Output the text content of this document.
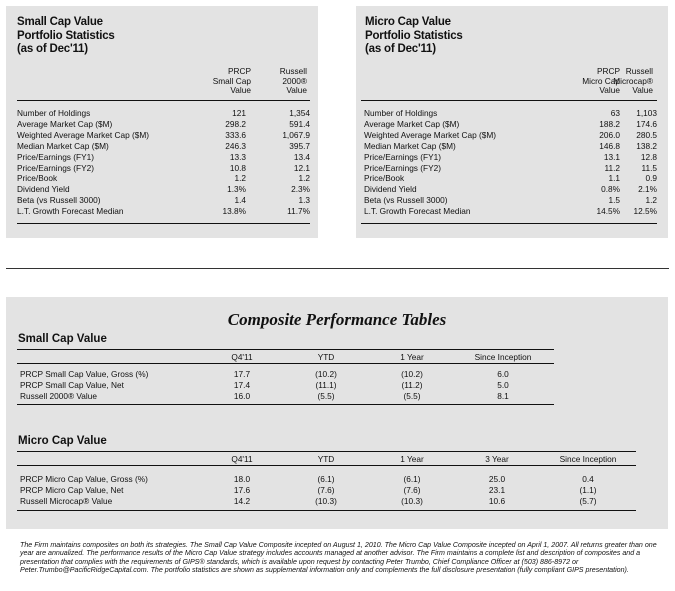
Small Cap Value
Portfolio Statistics
(as of Dec'11)
PRCP
Small Cap
Value
Russell
2000®
Value
Number of Holdings	121	1,354
Average Market Cap ($M)	298.2	591.4
Weighted Average Market Cap ($M)	333.6	1,067.9
Median Market Cap ($M)	246.3	395.7
Price/Earnings (FY1)	13.3	13.4
Price/Earnings (FY2)	10.8	12.1
Price/Book	1.2	1.2
Dividend Yield	1.3%	2.3%
Beta (vs Russell 3000)	1.4	1.3
L.T. Growth Forecast Median	13.8%	11.7%
Micro Cap Value
Portfolio Statistics
(as of Dec'11)
PRCP
Micro Cap
Value
Russell
Microcap®
Value
Number of Holdings	63 1,103
Average Market Cap ($M)	188.2 174.6
Weighted Average Market Cap ($M)	206.0 280.5
Median Market Cap ($M)	146.8 138.2
Price/Earnings (FY1)	13.1	12.8
Price/Earnings (FY2)	11.2	11.5
Price/Book	1.1	0.9
Dividend Yield	0.8% 2.1%
Beta (vs Russell 3000)	1.5	1.2
L.T. Growth Forecast Median	14.5% 12.5%
Composite Performance Tables
Small Cap Value
Q4'11	YTD	1 Year	Since Inception
PRCP Small Cap Value, Gross (%)	17.7	(10.2)	(10.2)	6.0
PRCP Small Cap Value, Net	17.4	(11.1)	(11.2)	5.0
Russell 2000® Value	16.0	(5.5)	(5.5)	8.1
Micro Cap Value
Q4'11	YTD	1 Year	3 Year	Since Inception
PRCP Micro Cap Value, Gross (%)	18.0	(6.1)	(6.1)	25.0	0.4
PRCP Micro Cap Value, Net	17.6	(7.6)	(7.6)	23.1	(1.1)
Russell Microcap® Value	14.2	(10.3)	(10.3)	10.6	(5.7)
The Firm maintains composites on both its strategies. The Small Cap Value Composite incepted on August 1, 2010. The Micro Cap Value Composite incepted on April 1, 2007. All returns greater than one year are annualized. The performance results of the Micro Cap Value strategy includes accounts managed at another advisor. The Firm maintains a complete list and description of composites and a presentation that complies with the requirements of GIPS® standards, which is available upon request by contacting Peter Trumbo, Chief Compliance Officer at (503) 886-8972 or Peter.Trumbo@PacificRidgeCapital.com. The portfolio statistics are shown as supplemental information only and complements the full disclosure presentation (fully compliant GIPS presentation).
